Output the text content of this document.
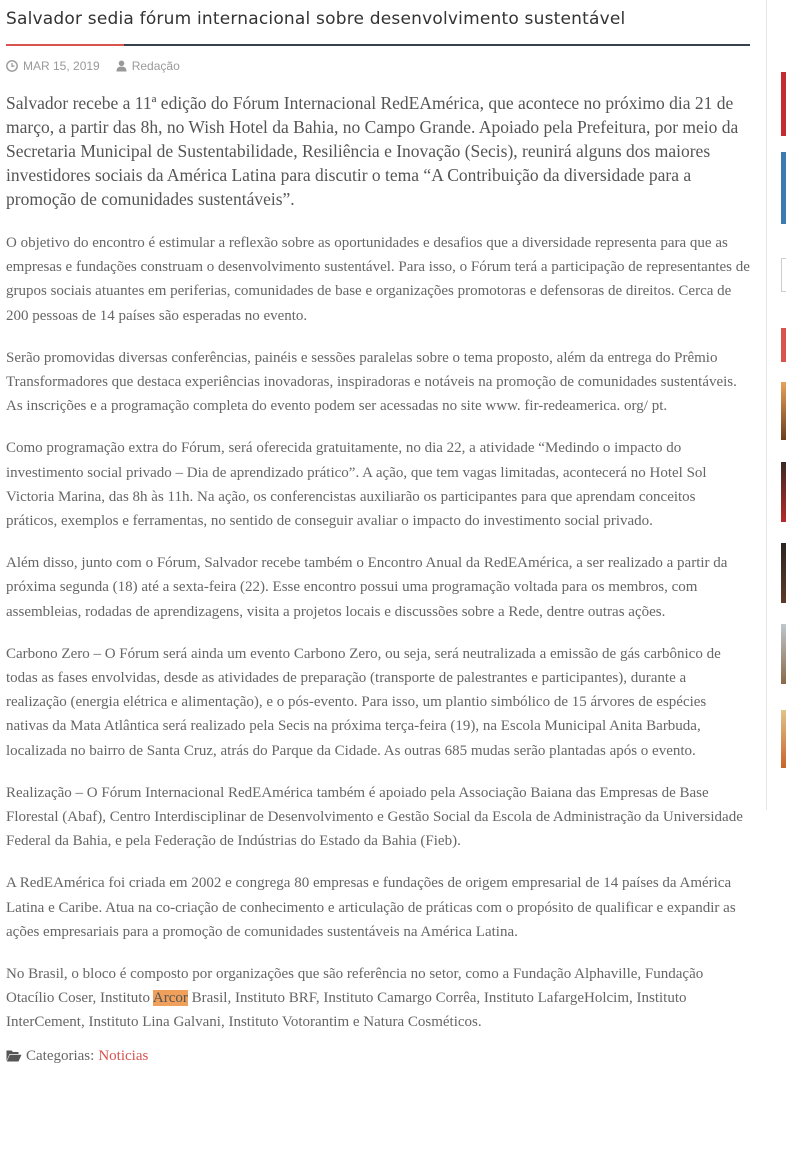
Salvador sedia fórum internacional sobre desenvolvimento sustentável
MAR 15, 2019	Redação

Salvador recebe a 11ª edição do Fórum Internacional RedEAmérica, que acontece no próximo dia 21 de março, a partir das 8h, no Wish Hotel da Bahia, no Campo Grande. Apoiado pela Prefeitura, por meio da Secretaria Municipal de Sustentabilidade, Resiliência e Inovação (Secis), reunirá alguns dos maiores investidores sociais da América Latina para discutir o tema “A Contribuição da diversidade para a promoção de comunidades sustentáveis”.

O objetivo do encontro é estimular a reflexão sobre as oportunidades e desafios que a diversidade representa para que as empresas e fundações construam o desenvolvimento sustentável. Para isso, o Fórum terá a participação de representantes de grupos sociais atuantes em periferias, comunidades de base e organizações promotoras e defensoras de direitos. Cerca de 200 pessoas de 14 países são esperadas no evento.

Serão promovidas diversas conferências, painéis e sessões paralelas sobre o tema proposto, além da entrega do Prêmio Transformadores que destaca experiências inovadoras, inspiradoras e notáveis na promoção de comunidades sustentáveis. As inscrições e a programação completa do evento podem ser acessadas no site www. fir-redeamerica. org/ pt.

Como programação extra do Fórum, será oferecida gratuitamente, no dia 22, a atividade “Medindo o impacto do investimento social privado – Dia de aprendizado prático”. A ação, que tem vagas limitadas, acontecerá no Hotel Sol Victoria Marina, das 8h às 11h. Na ação, os conferencistas auxiliarão os participantes para que aprendam conceitos práticos, exemplos e ferramentas, no sentido de conseguir avaliar o impacto do investimento social privado.

Além disso, junto com o Fórum, Salvador recebe também o Encontro Anual da RedEAmérica, a ser realizado a partir da próxima segunda (18) até a sexta-feira (22). Esse encontro possui uma programação voltada para os membros, com assembleias, rodadas de aprendizagens, visita a projetos locais e discussões sobre a Rede, dentre outras ações.

Carbono Zero – O Fórum será ainda um evento Carbono Zero, ou seja, será neutralizada a emissão de gás carbônico de todas as fases envolvidas, desde as atividades de preparação (transporte de palestrantes e participantes), durante a realização (energia elétrica e alimentação), e o pós-evento. Para isso, um plantio simbólico de 15 árvores de espécies nativas da Mata Atlântica será realizado pela Secis na próxima terça-feira (19), na Escola Municipal Anita Barbuda, localizada no bairro de Santa Cruz, atrás do Parque da Cidade. As outras 685 mudas serão plantadas após o evento.

Realização – O Fórum Internacional RedEAmérica também é apoiado pela Associação Baiana das Empresas de Base Florestal (Abaf), Centro Interdisciplinar de Desenvolvimento e Gestão Social da Escola de Administração da Universidade Federal da Bahia, e pela Federação de Indústrias do Estado da Bahia (Fieb).

A RedEAmérica foi criada em 2002 e congrega 80 empresas e fundações de origem empresarial de 14 países da América Latina e Caribe. Atua na co-criação de conhecimento e articulação de práticas com o propósito de qualificar e expandir as ações empresariais para a promoção de comunidades sustentáveis na América Latina.

No Brasil, o bloco é composto por organizações que são referência no setor, como a Fundação Alphaville, Fundação Otacílio Coser, Instituto Arcor Brasil, Instituto BRF, Instituto Camargo Corrêa, Instituto LafargeHolcim, Instituto InterCement, Instituto Lina Galvani, Instituto Votorantim e Natura Cosméticos.

Categorias: Noticias
